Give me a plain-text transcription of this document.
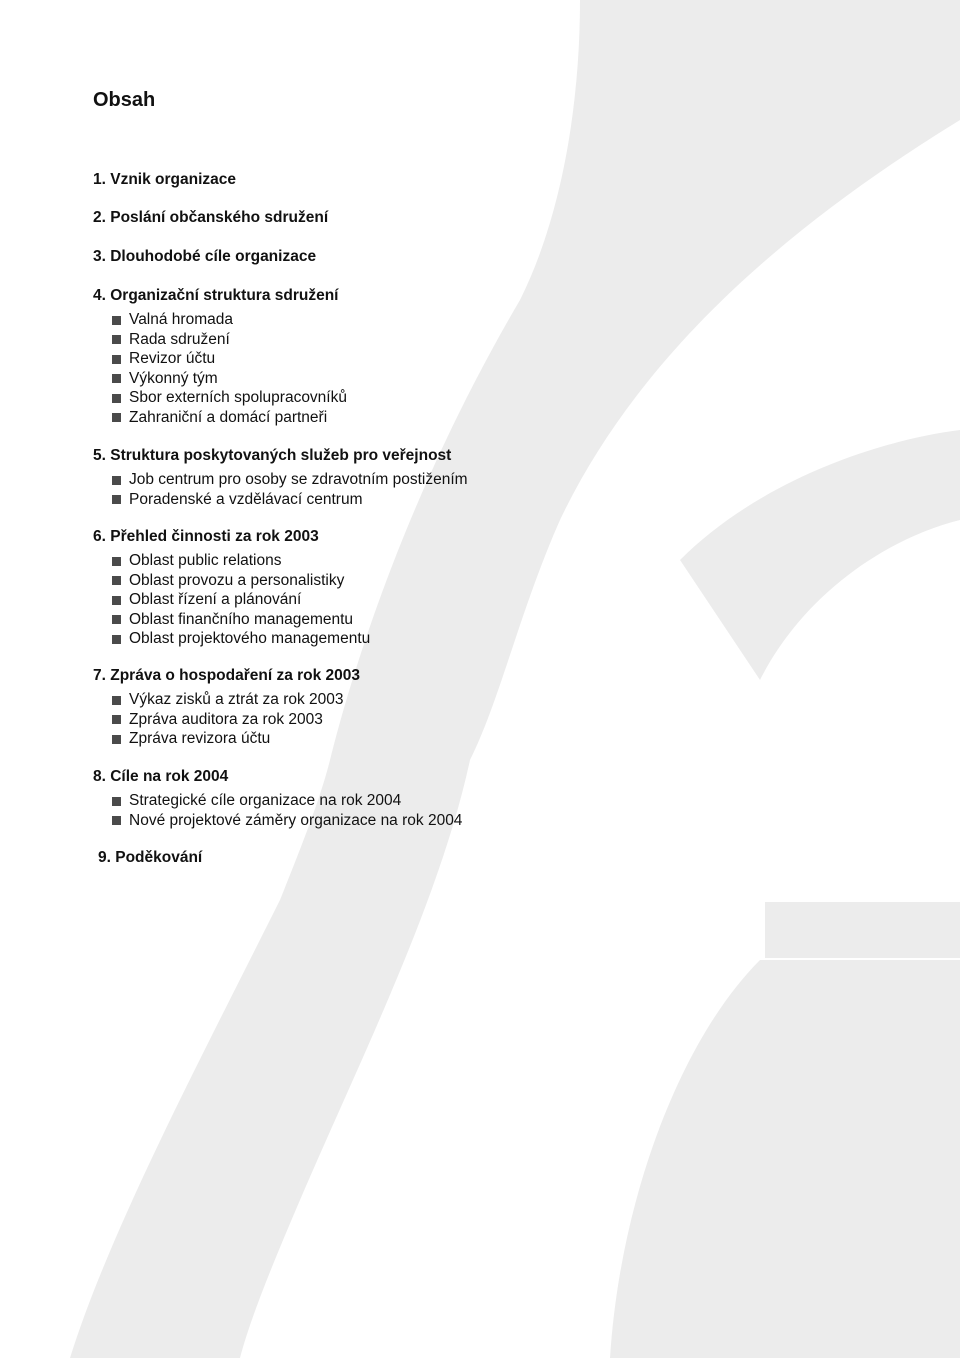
Obsah
1. Vznik organizace
2. Poslání občanského sdružení
3. Dlouhodobé cíle organizace
4. Organizační struktura sdružení
Valná hromada
Rada sdružení
Revizor účtu
Výkonný tým
Sbor externích spolupracovníků
Zahraniční a domácí partneři
5. Struktura poskytovaných služeb pro veřejnost
Job centrum pro osoby se zdravotním postižením
Poradenské a vzdělávací centrum
6. Přehled činnosti za rok 2003
Oblast public relations
Oblast provozu a personalistiky
Oblast řízení a plánování
Oblast finančního managementu
Oblast projektového managementu
7. Zpráva o hospodaření za rok 2003
Výkaz zisků a ztrát za rok 2003
Zpráva auditora za rok 2003
Zpráva revizora účtu
8. Cíle na rok 2004
Strategické cíle organizace na rok 2004
Nové projektové záměry organizace na rok 2004
9. Poděkování
